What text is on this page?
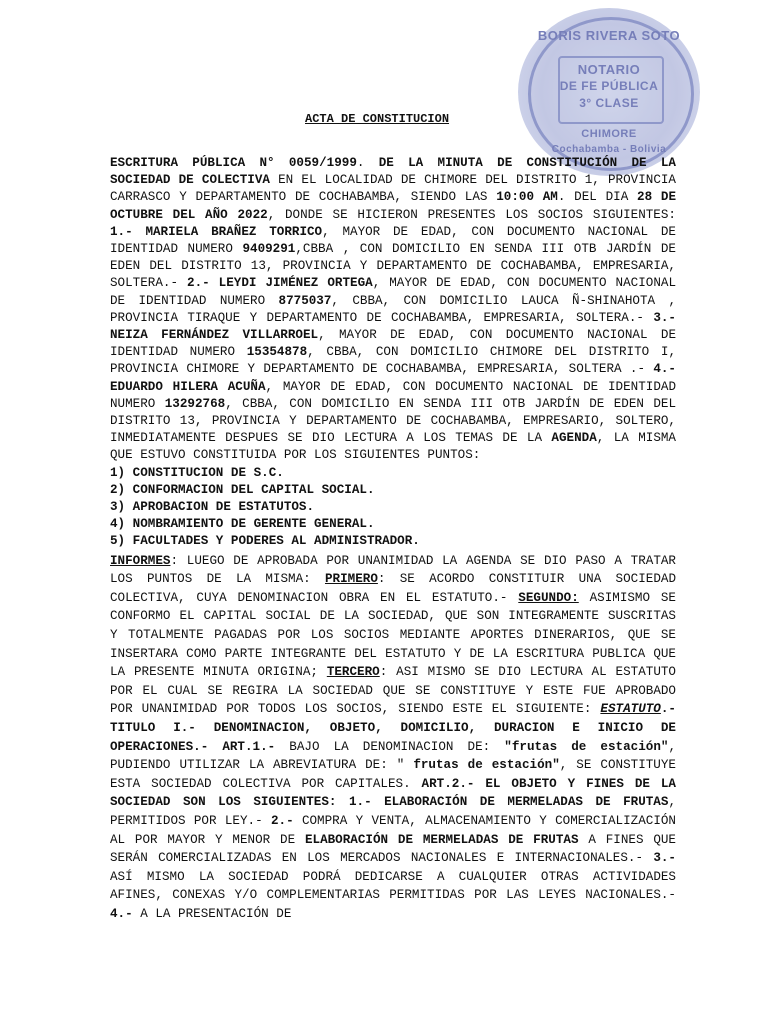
BORIS RIVERA SOTO
NOTARIO
DE FE PÚBLICA
3° CLASE
CHIMORE
Cochabamba - Bolivia
ACTA DE CONSTITUCION

ESCRITURA PÚBLICA N° 0059/1999. DE LA MINUTA DE CONSTITUCIÓN DE LA SOCIEDAD DE COLECTIVA EN EL LOCALIDAD DE CHIMORE DEL DISTRITO 1, PROVINCIA CARRASCO Y DEPARTAMENTO DE COCHABAMBA, SIENDO LAS 10:00 AM. DEL DIA 28 DE OCTUBRE DEL AÑO 2022, DONDE SE HICIERON PRESENTES LOS SOCIOS SIGUIENTES: 1.- MARIELA BRAÑEZ TORRICO, MAYOR DE EDAD, CON DOCUMENTO NACIONAL DE IDENTIDAD NUMERO 9409291,CBBA , CON DOMICILIO EN SENDA III OTB JARDÍN DE EDEN DEL DISTRITO 13, PROVINCIA Y DEPARTAMENTO DE COCHABAMBA, EMPRESARIA, SOLTERA.- 2.- LEYDI JIMÉNEZ ORTEGA, MAYOR DE EDAD, CON DOCUMENTO NACIONAL DE IDENTIDAD NUMERO 8775037, CBBA, CON DOMICILIO LAUCA Ñ-SHINAHOTA , PROVINCIA TIRAQUE Y DEPARTAMENTO DE COCHABAMBA, EMPRESARIA, SOLTERA.- 3.- NEIZA FERNÁNDEZ VILLARROEL, MAYOR DE EDAD, CON DOCUMENTO NACIONAL DE IDENTIDAD NUMERO 15354878, CBBA, CON DOMICILIO CHIMORE DEL DISTRITO I, PROVINCIA CHIMORE Y DEPARTAMENTO DE COCHABAMBA, EMPRESARIA, SOLTERA .- 4.- EDUARDO HILERA ACUÑA, MAYOR DE EDAD, CON DOCUMENTO NACIONAL DE IDENTIDAD NUMERO 13292768, CBBA, CON DOMICILIO EN SENDA III OTB JARDÍN DE EDEN DEL DISTRITO 13, PROVINCIA Y DEPARTAMENTO DE COCHABAMBA, EMPRESARIO, SOLTERO, INMEDIATAMENTE DESPUES SE DIO LECTURA A LOS TEMAS DE LA AGENDA, LA MISMA QUE ESTUVO CONSTITUIDA POR LOS SIGUIENTES PUNTOS:

1) CONSTITUCION DE S.C.
2) CONFORMACION DEL CAPITAL SOCIAL.
3) APROBACION DE ESTATUTOS.
4) NOMBRAMIENTO DE GERENTE GENERAL.
5) FACULTADES Y PODERES AL ADMINISTRADOR.

INFORMES: LUEGO DE APROBADA POR UNANIMIDAD LA AGENDA SE DIO PASO A TRATAR LOS PUNTOS DE LA MISMA: PRIMERO: SE ACORDO CONSTITUIR UNA SOCIEDAD COLECTIVA, CUYA DENOMINACION OBRA EN EL ESTATUTO.- SEGUNDO: ASIMISMO SE CONFORMO EL CAPITAL SOCIAL DE LA SOCIEDAD, QUE SON INTEGRAMENTE SUSCRITAS Y TOTALMENTE PAGADAS POR LOS SOCIOS MEDIANTE APORTES DINERARIOS, QUE SE INSERTARA COMO PARTE INTEGRANTE DEL ESTATUTO Y DE LA ESCRITURA PUBLICA QUE LA PRESENTE MINUTA ORIGINA; TERCERO: ASI MISMO SE DIO LECTURA AL ESTATUTO POR EL CUAL SE REGIRA LA SOCIEDAD QUE SE CONSTITUYE Y ESTE FUE APROBADO POR UNANIMIDAD POR TODOS LOS SOCIOS, SIENDO ESTE EL SIGUIENTE: ESTATUTO.- TITULO I.- DENOMINACION, OBJETO, DOMICILIO, DURACION E INICIO DE OPERACIONES.- ART.1.- BAJO LA DENOMINACION DE: "frutas de estación", PUDIENDO UTILIZAR LA ABREVIATURA DE: " frutas de estación", SE CONSTITUYE ESTA SOCIEDAD COLECTIVA POR CAPITALES. ART.2.- EL OBJETO Y FINES DE LA SOCIEDAD SON LOS SIGUIENTES: 1.- ELABORACIÓN DE MERMELADAS DE FRUTAS, PERMITIDOS POR LEY.- 2.- COMPRA Y VENTA, ALMACENAMIENTO Y COMERCIALIZACIÓN AL POR MAYOR Y MENOR DE ELABORACIÓN DE MERMELADAS DE FRUTAS A FINES QUE SERÁN COMERCIALIZADAS EN LOS MERCADOS NACIONALES E INTERNACIONALES.- 3.- ASÍ MISMO LA SOCIEDAD PODRÁ DEDICARSE A CUALQUIER OTRAS ACTIVIDADES AFINES, CONEXAS Y/O COMPLEMENTARIAS PERMITIDAS POR LAS LEYES NACIONALES.- 4.- A LA PRESENTACIÓN DE
